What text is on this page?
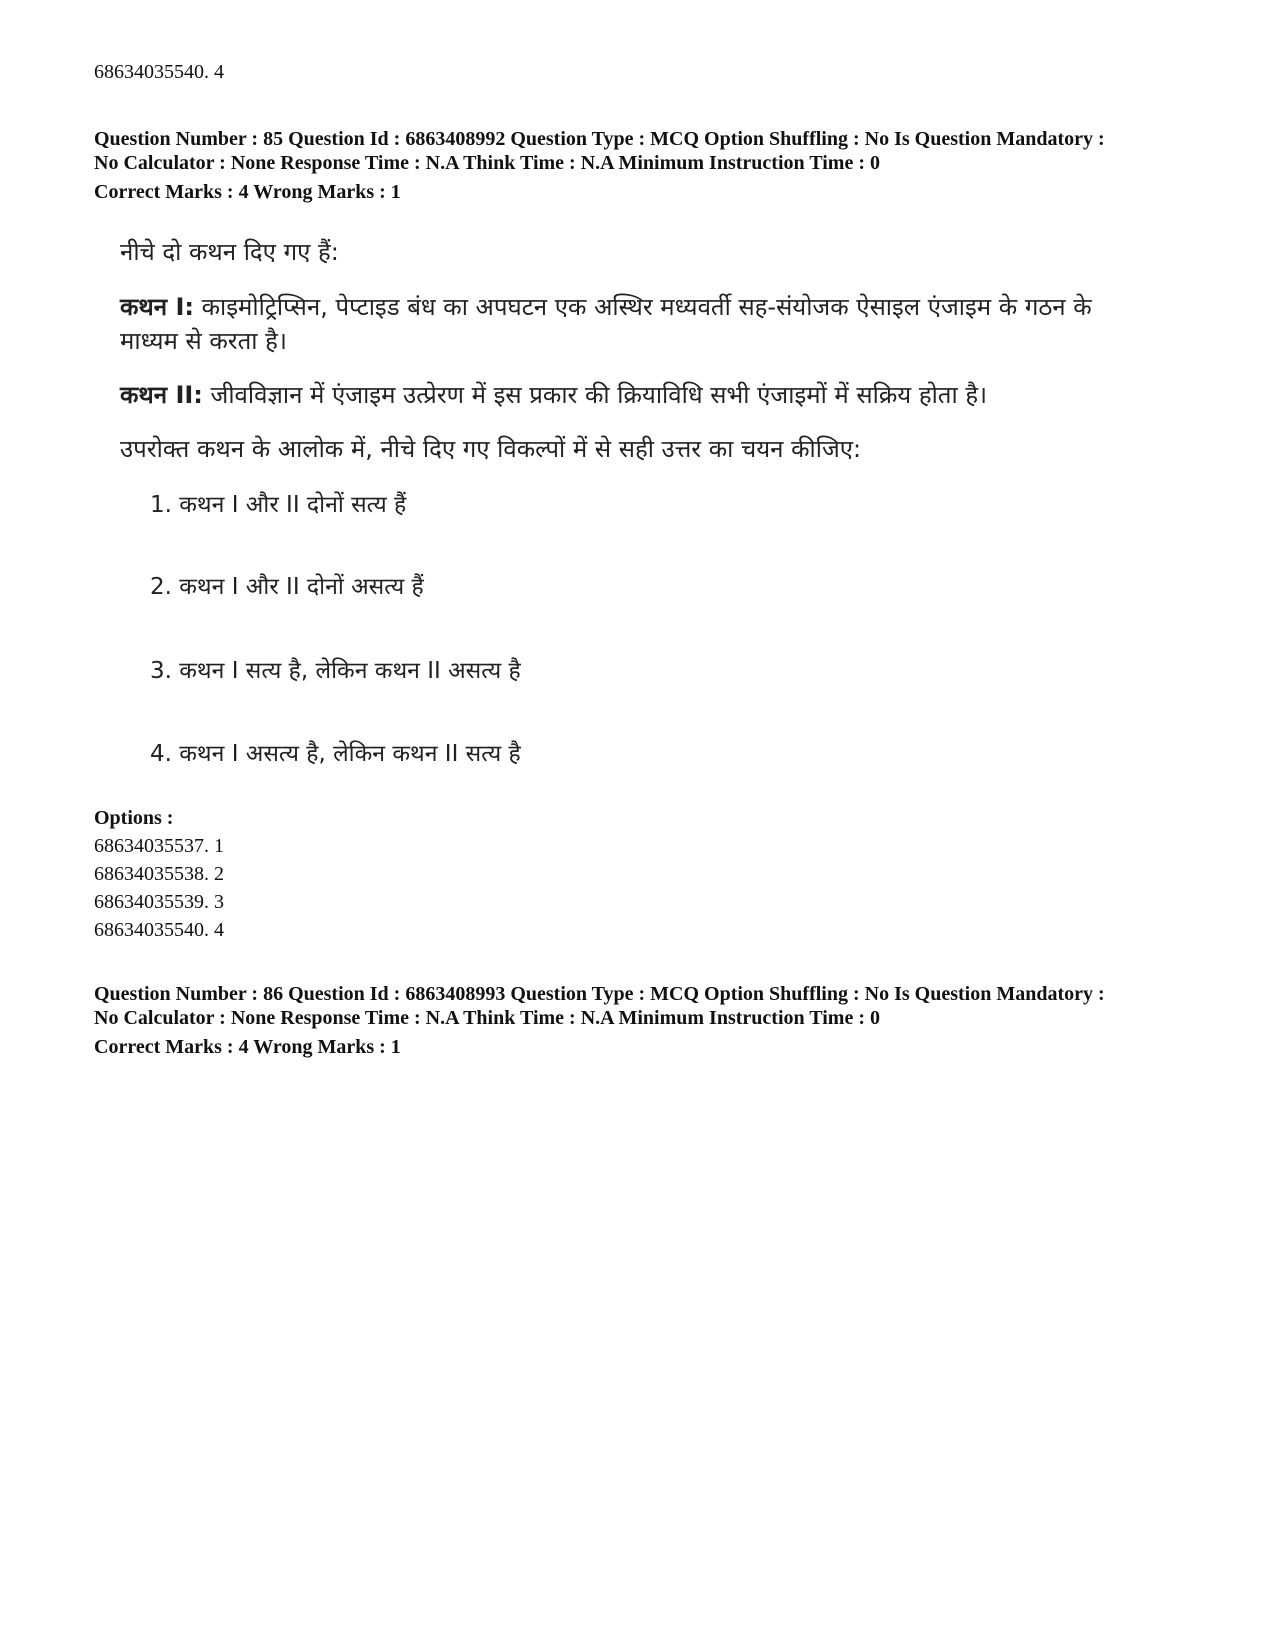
68634035540. 4
Question Number : 85 Question Id : 6863408992 Question Type : MCQ Option Shuffling : No Is Question Mandatory :
No Calculator : None Response Time : N.A Think Time : N.A Minimum Instruction Time : 0
Correct Marks : 4 Wrong Marks : 1
नीचे दो कथन दिए गए हैं:
कथन I: काइमोट्रिप्सिन, पेप्टाइड बंध का अपघटन एक अस्थिर मध्यवर्ती सह-संयोजक ऐसाइल एंजाइम के गठन के
माध्यम से करता है।
कथन II: जीवविज्ञान में एंजाइम उत्प्रेरण में इस प्रकार की क्रियाविधि सभी एंजाइमों में सक्रिय होता है।
उपरोक्त कथन के आलोक में, नीचे दिए गए विकल्पों में से सही उत्तर का चयन कीजिए:
1. कथन I और II दोनों सत्य हैं
2. कथन I और II दोनों असत्य हैं
3. कथन I सत्य है, लेकिन कथन II असत्य है
4. कथन I असत्य है, लेकिन कथन II सत्य है
Options :
68634035537. 1
68634035538. 2
68634035539. 3
68634035540. 4
Question Number : 86 Question Id : 6863408993 Question Type : MCQ Option Shuffling : No Is Question Mandatory :
No Calculator : None Response Time : N.A Think Time : N.A Minimum Instruction Time : 0
Correct Marks : 4 Wrong Marks : 1
